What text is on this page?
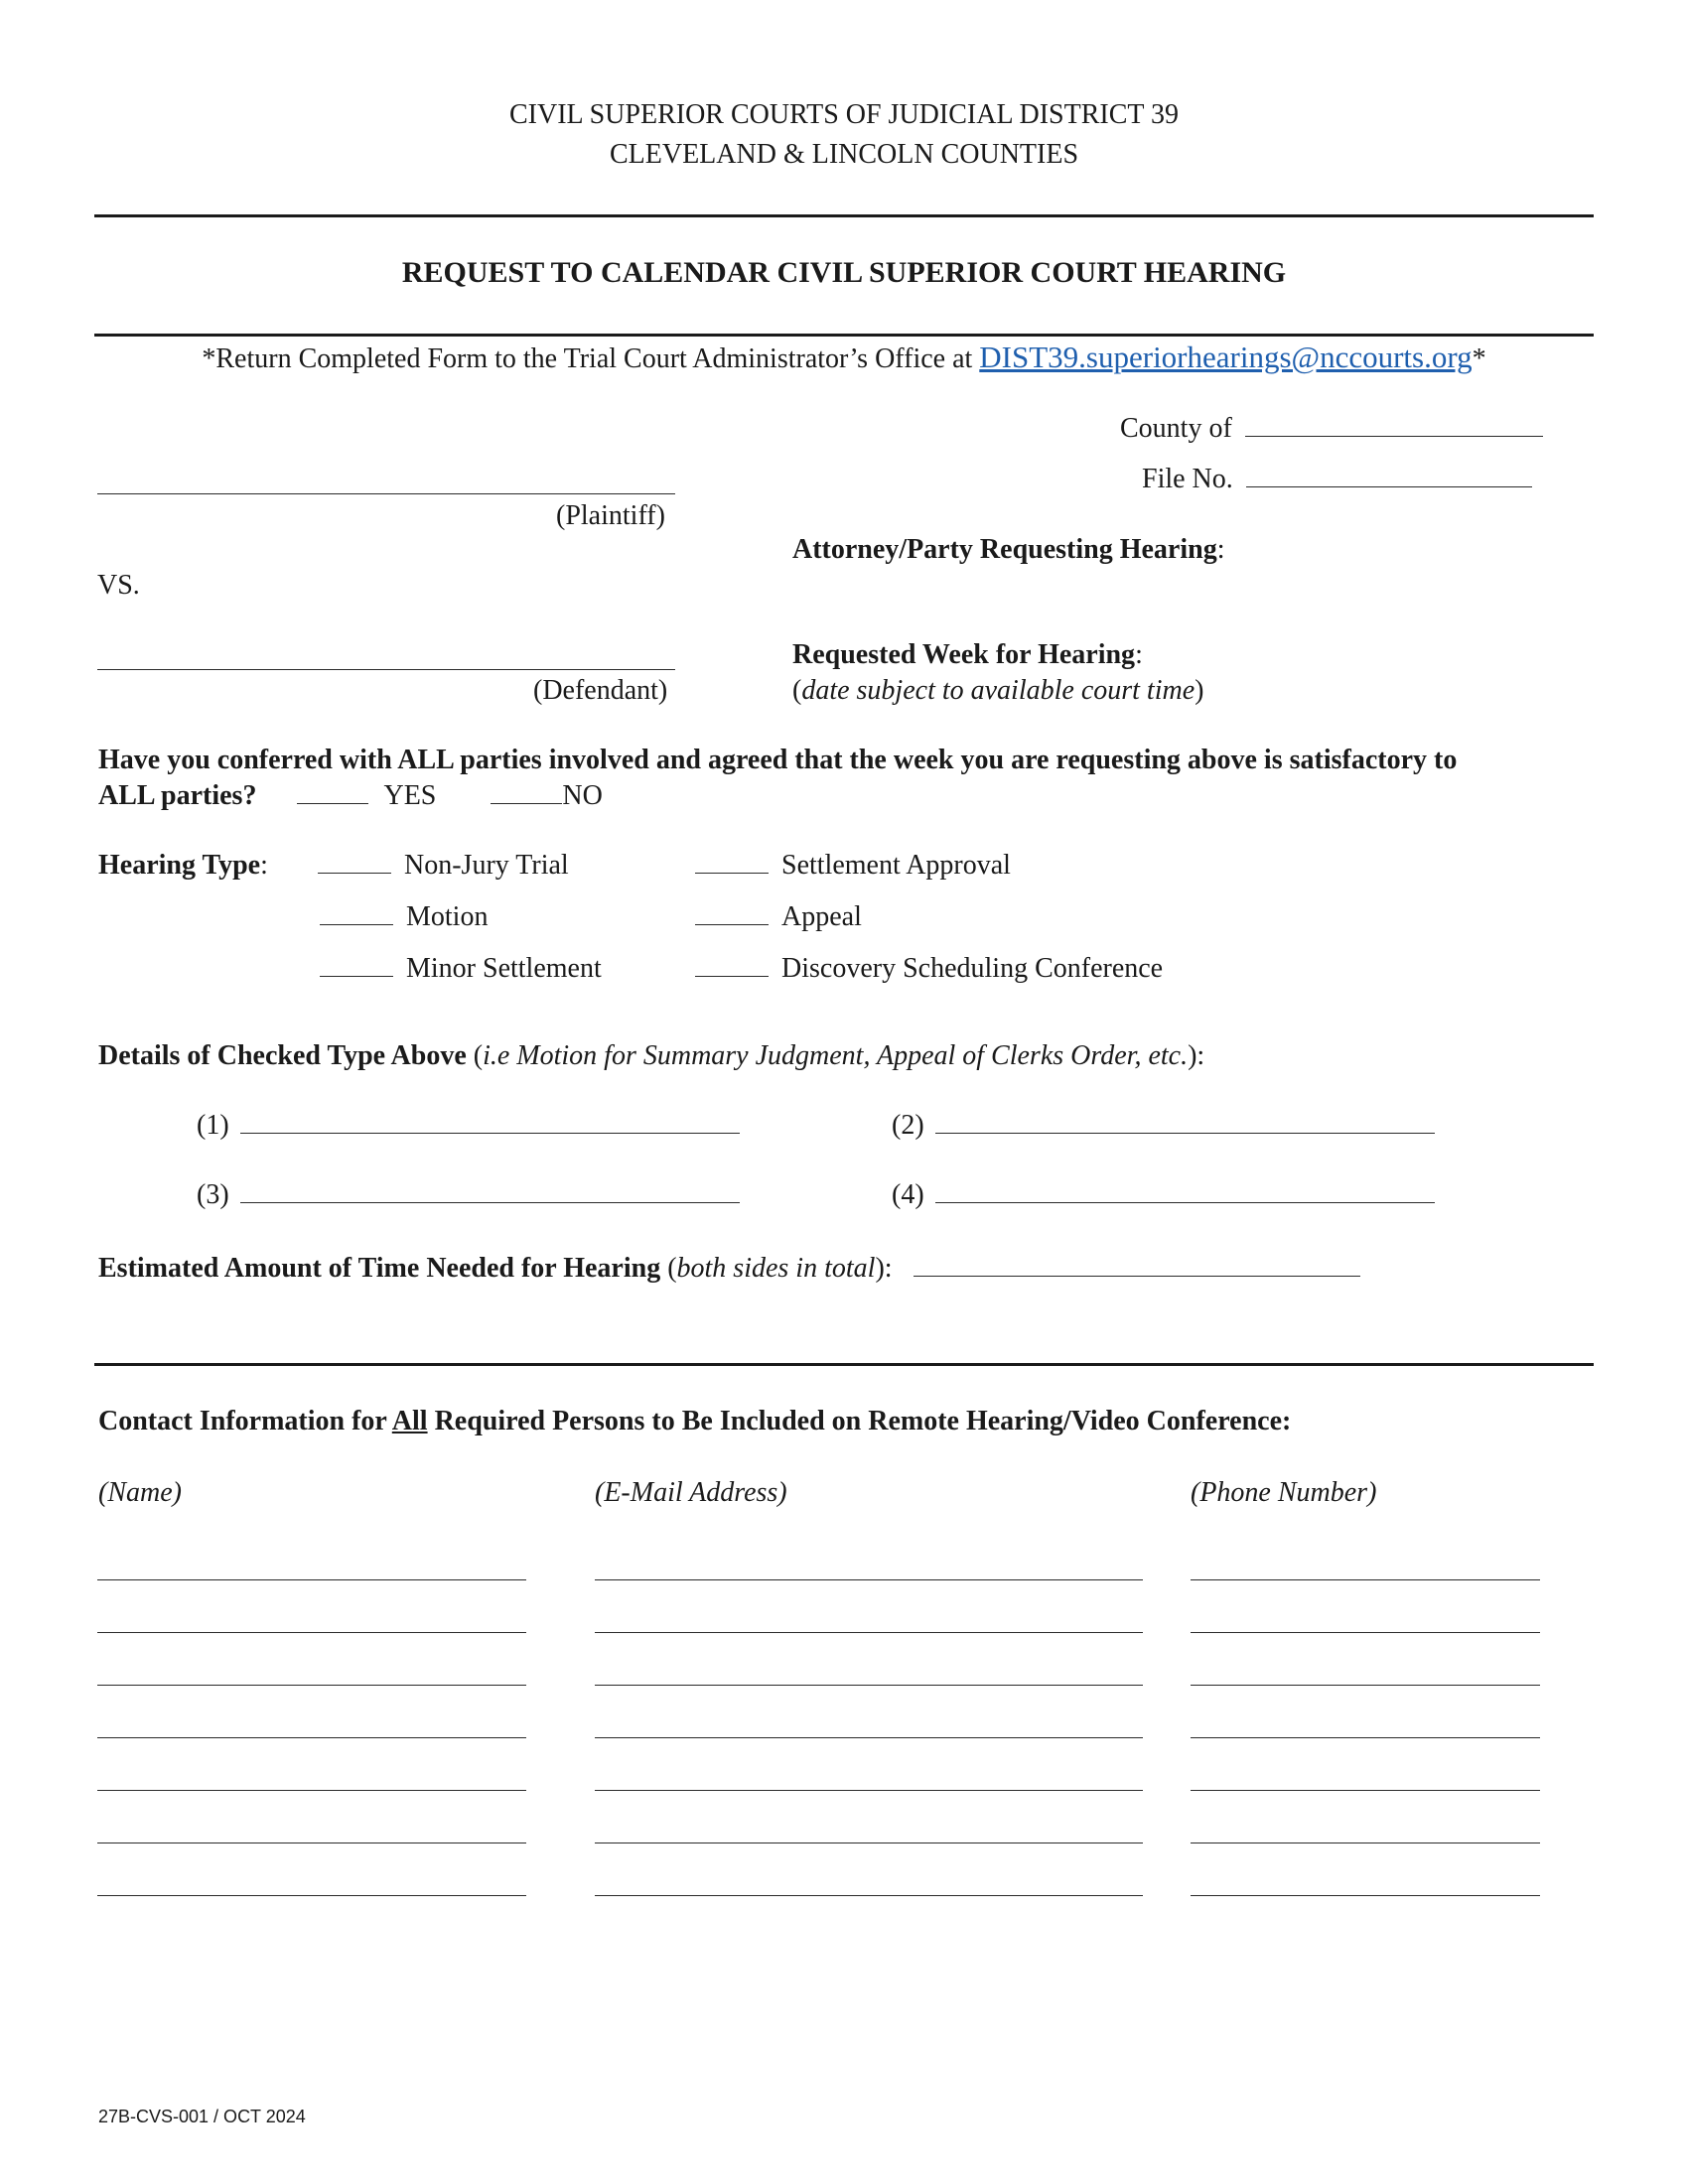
CIVIL SUPERIOR COURTS OF JUDICIAL DISTRICT 39
CLEVELAND & LINCOLN COUNTIES
REQUEST TO CALENDAR CIVIL SUPERIOR COURT HEARING
*Return Completed Form to the Trial Court Administrator’s Office at DIST39.superiorhearings@nccourts.org*
County of
File No.
(Plaintiff)
Attorney/Party Requesting Hearing:
VS.
(Defendant)
Requested Week for Hearing:
(date subject to available court time)
Have you conferred with ALL parties involved and agreed that the week you are requesting above is satisfactory to
ALL parties?	YES	NO
Hearing Type:	Non-Jury Trial	Settlement Approval
Motion	Appeal
Minor Settlement	Discovery Scheduling Conference
Details of Checked Type Above (i.e Motion for Summary Judgment, Appeal of Clerks Order, etc.):
(1)	(2)
(3)	(4)
Estimated Amount of Time Needed for Hearing (both sides in total):
Contact Information for All Required Persons to Be Included on Remote Hearing/Video Conference:
(Name)	(E-Mail Address)	(Phone Number)
27B-CVS-001 / OCT 2024
